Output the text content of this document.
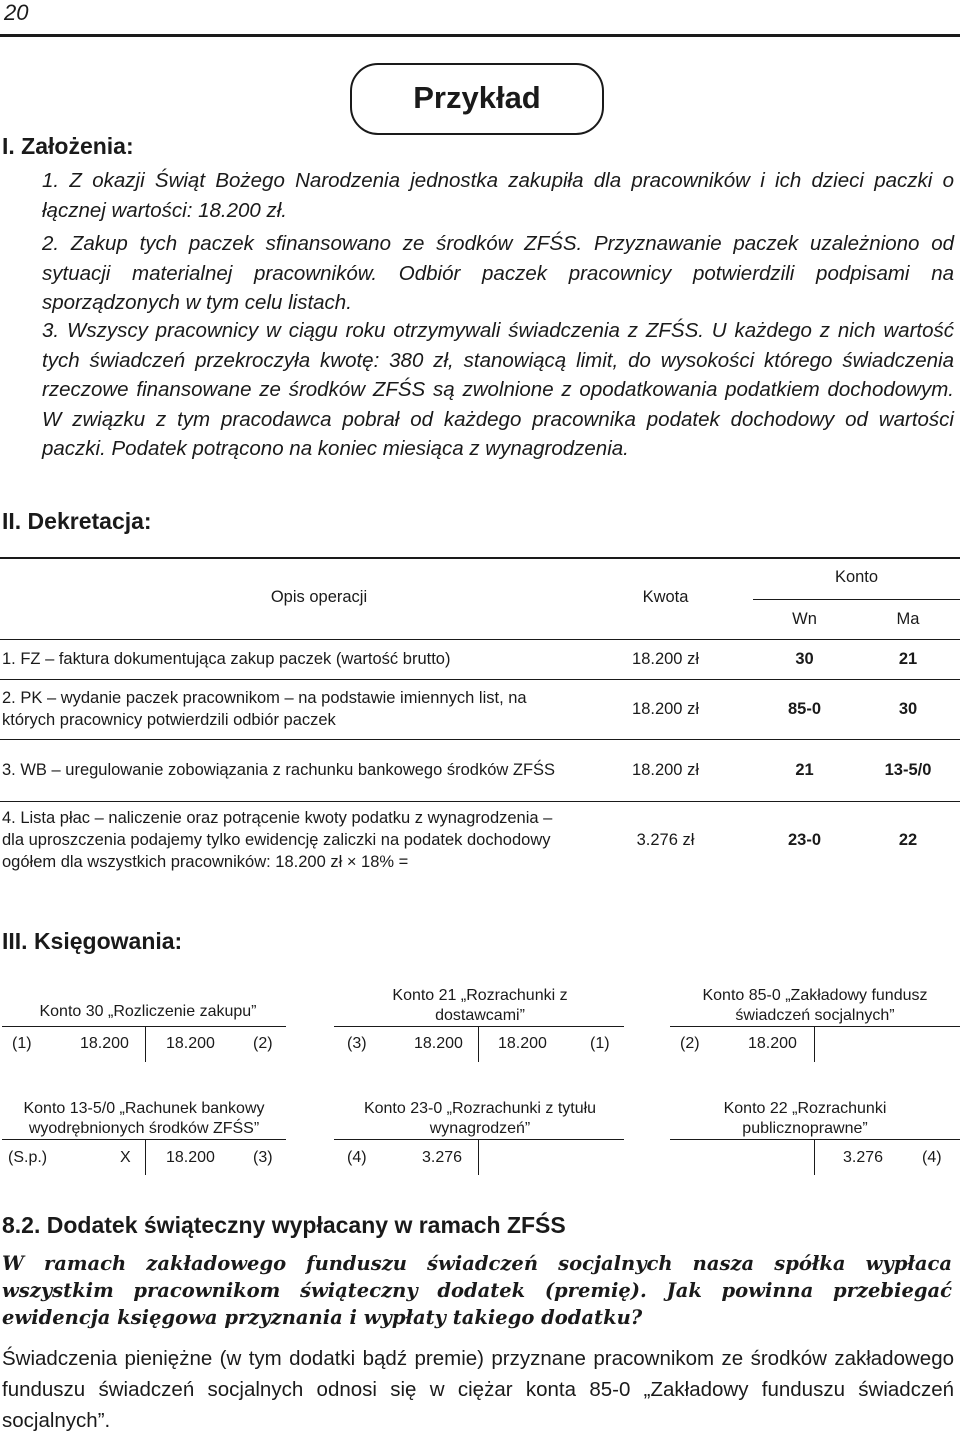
20
Przykład
I. Założenia:
1. Z okazji Świąt Bożego Narodzenia jednostka zakupiła dla pracowników i ich dzieci paczki o łącznej wartości: 18.200 zł.
2. Zakup tych paczek sfinansowano ze środków ZFŚS. Przyznawanie paczek uzależniono od sytuacji materialnej pracowników. Odbiór paczek pracownicy potwierdzili podpisami na sporządzonych w tym celu listach.
3. Wszyscy pracownicy w ciągu roku otrzymywali świadczenia z ZFŚS. U każdego z nich wartość tych świadczeń przekroczyła kwotę: 380 zł, stanowiącą limit, do wysokości którego świadczenia rzeczowe finansowane ze środków ZFŚS są zwolnione z opodatkowania podatkiem dochodowym. W związku z tym pracodawca pobrał od każdego pracownika podatek dochodowy od wartości paczki. Podatek potrącono na koniec miesiąca z wynagrodzenia.
II. Dekretacja:
Opis operacji	Kwota	Konto	
		Wn	Ma
1. FZ – faktura dokumentująca zakup paczek (wartość brutto)	18.200 zł	30	21
2. PK – wydanie paczek pracownikom – na podstawie imiennych list, na których pracownicy potwierdzili odbiór paczek	18.200 zł	85-0	30
3. WB – uregulowanie zobowiązania z rachunku bankowego środków ZFŚS	18.200 zł	21	13-5/0
4. Lista płac – naliczenie oraz potrącenie kwoty podatku z wynagrodzenia – dla uproszczenia podajemy tylko ewidencję zaliczki na podatek dochodowy ogółem dla wszystkich pracowników: 18.200 zł × 18% =	3.276 zł	23-0	22
III. Księgowania:
Konto 30 „Rozliczenie zakupu”
(1)	18.200 18.200 (2)
Konto 21 „Rozrachunki z dostawcami”
(3)	18.200 18.200	(1)
Konto 85-0 „Zakładowy fundusz świadczeń socjalnych”
(2)	18.200
Konto 13-5/0 „Rachunek bankowy wyodrębnionych środków ZFŚS”
(S.p.)	X 18.200 (3)
Konto 23-0 „Rozrachunki z tytułu wynagrodzeń”
(4)	3.276
Konto 22 „Rozrachunki publicznoprawne”
3.276 (4)
8.2. Dodatek świąteczny wypłacany w ramach ZFŚS
W ramach zakładowego funduszu świadczeń socjalnych nasza spółka wypłaca wszystkim pracownikom świąteczny dodatek (premię). Jak powinna przebiegać ewidencja księgowa przyznania i wypłaty takiego dodatku?
Świadczenia pieniężne (w tym dodatki bądź premie) przyznane pracownikom ze środków zakładowego funduszu świadczeń socjalnych odnosi się w ciężar konta 85-0 „Zakładowy funduszu świadczeń socjalnych”.
